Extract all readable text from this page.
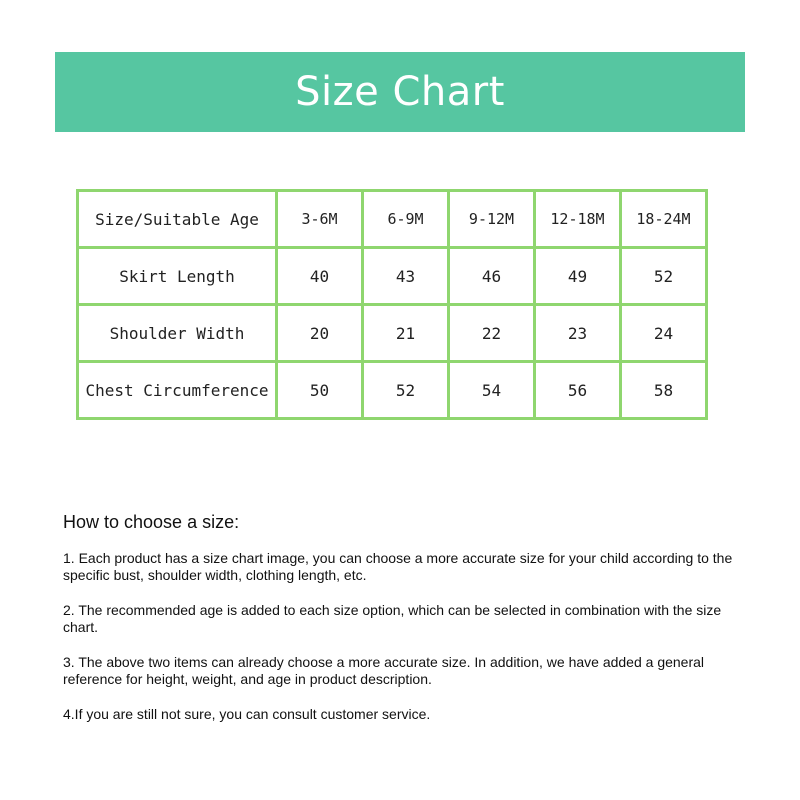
Size Chart
Size/Suitable Age	3-6M	6-9M	9-12M	12-18M	18-24M
Skirt Length	40	43	46	49	52
Shoulder Width	20	21	22	23	24
Chest Circumference	50	52	54	56	58
How to choose a size:

1. Each product has a size chart image, you can choose a more accurate size for your child according to the specific bust, shoulder width, clothing length, etc.

2. The recommended age is added to each size option, which can be selected in combination with the size chart.

3. The above two items can already choose a more accurate size. In addition, we have added a general reference for height, weight, and age in product description.

4.If you are still not sure, you can consult customer service.
